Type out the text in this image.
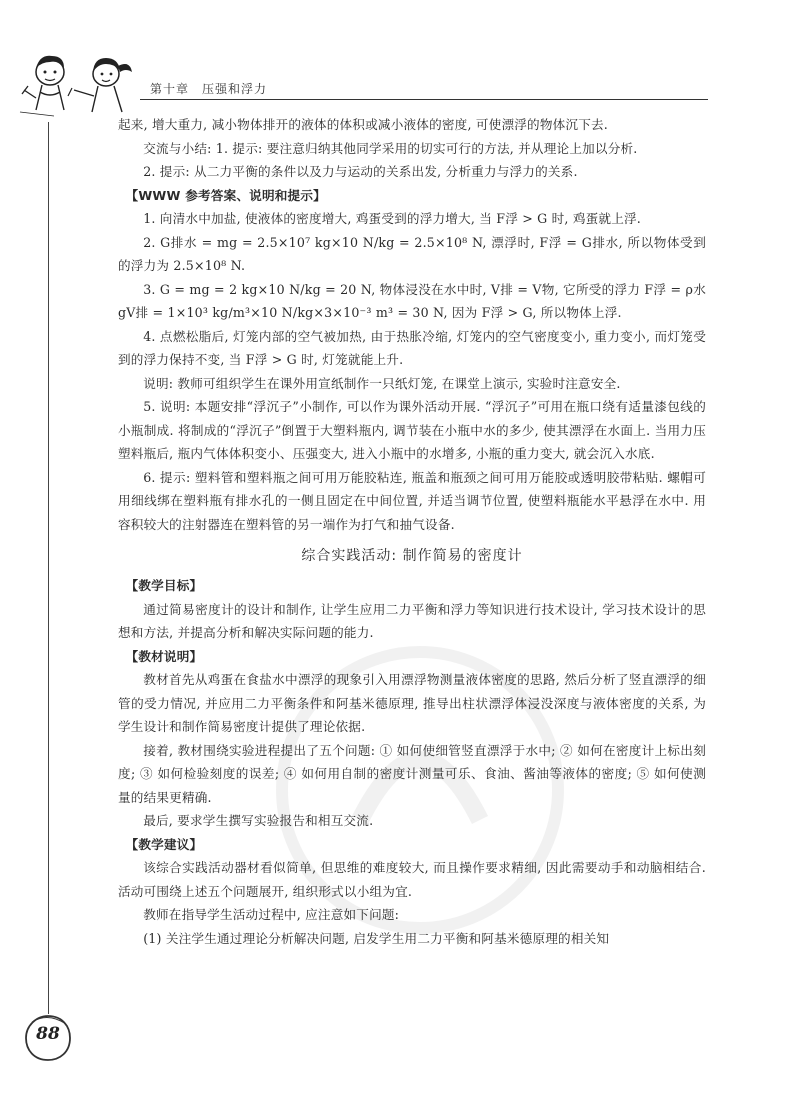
第十章　压强和浮力

起来, 增大重力, 减小物体排开的液体的体积或减小液体的密度, 可使漂浮的物体沉下去.

交流与小结: 1. 提示: 要注意归纳其他同学采用的切实可行的方法, 并从理论上加以分析.

2. 提示: 从二力平衡的条件以及力与运动的关系出发, 分析重力与浮力的关系.

【WWW 参考答案、说明和提示】

1. 向清水中加盐, 使液体的密度增大, 鸡蛋受到的浮力增大, 当 F浮 > G 时, 鸡蛋就上浮.

2. G排水 = mg = 2.5×10⁷ kg×10 N/kg = 2.5×10⁸ N, 漂浮时, F浮 = G排水, 所以物体受到的浮力为 2.5×10⁸ N.

3. G = mg = 2 kg×10 N/kg = 20 N, 物体浸没在水中时, V排 = V物, 它所受的浮力 F浮 = ρ水 gV排 = 1×10³ kg/m³×10 N/kg×3×10⁻³ m³ = 30 N, 因为 F浮 > G, 所以物体上浮.

4. 点燃松脂后, 灯笼内部的空气被加热, 由于热胀冷缩, 灯笼内的空气密度变小, 重力变小, 而灯笼受到的浮力保持不变, 当 F浮 > G 时, 灯笼就能上升.

说明: 教师可组织学生在课外用宣纸制作一只纸灯笼, 在课堂上演示, 实验时注意安全.

5. 说明: 本题安排“浮沉子”小制作, 可以作为课外活动开展. “浮沉子”可用在瓶口绕有适量漆包线的小瓶制成. 将制成的“浮沉子”倒置于大塑料瓶内, 调节装在小瓶中水的多少, 使其漂浮在水面上. 当用力压塑料瓶后, 瓶内气体体积变小、压强变大, 进入小瓶中的水增多, 小瓶的重力变大, 就会沉入水底.

6. 提示: 塑料管和塑料瓶之间可用万能胶粘连, 瓶盖和瓶颈之间可用万能胶或透明胶带粘贴. 螺帽可用细线绑在塑料瓶有排水孔的一侧且固定在中间位置, 并适当调节位置, 使塑料瓶能水平悬浮在水中. 用容积较大的注射器连在塑料管的另一端作为打气和抽气设备.

综合实践活动: 制作简易的密度计

【教学目标】

通过简易密度计的设计和制作, 让学生应用二力平衡和浮力等知识进行技术设计, 学习技术设计的思想和方法, 并提高分析和解决实际问题的能力.

【教材说明】

教材首先从鸡蛋在食盐水中漂浮的现象引入用漂浮物测量液体密度的思路, 然后分析了竖直漂浮的细管的受力情况, 并应用二力平衡条件和阿基米德原理, 推导出柱状漂浮体浸没深度与液体密度的关系, 为学生设计和制作简易密度计提供了理论依据.

接着, 教材围绕实验进程提出了五个问题: ① 如何使细管竖直漂浮于水中; ② 如何在密度计上标出刻度; ③ 如何检验刻度的误差; ④ 如何用自制的密度计测量可乐、食油、酱油等液体的密度; ⑤ 如何使测量的结果更精确.

最后, 要求学生撰写实验报告和相互交流.

【教学建议】

该综合实践活动器材看似简单, 但思维的难度较大, 而且操作要求精细, 因此需要动手和动脑相结合. 活动可围绕上述五个问题展开, 组织形式以小组为宜.

教师在指导学生活动过程中, 应注意如下问题:

(1) 关注学生通过理论分析解决问题, 启发学生用二力平衡和阿基米德原理的相关知

88
